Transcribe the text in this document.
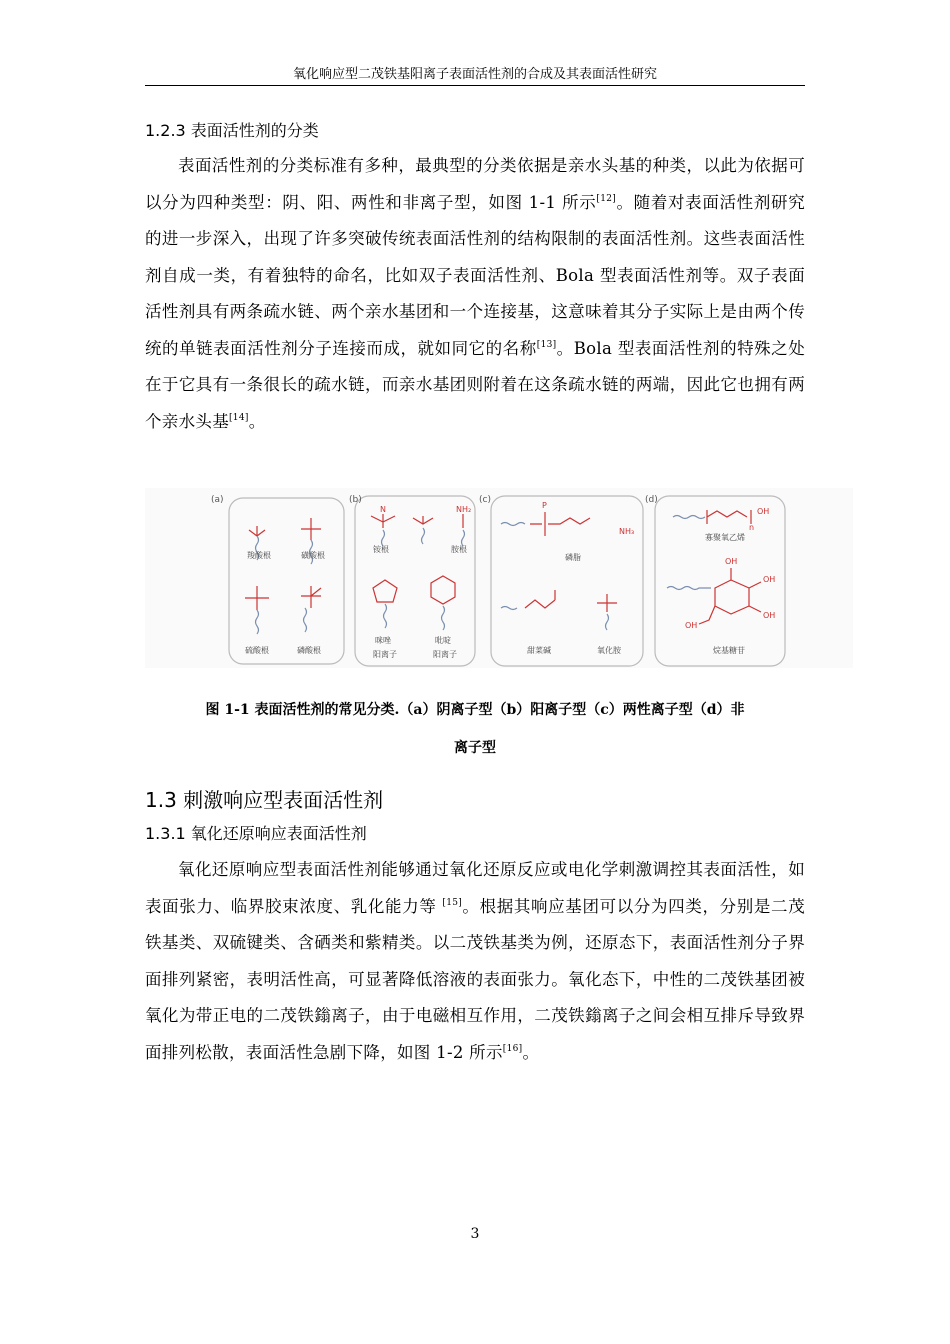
氧化响应型二茂铁基阳离子表面活性剂的合成及其表面活性研究
1.2.3 表面活性剂的分类
表面活性剂的分类标准有多种，最典型的分类依据是亲水头基的种类，以此为依据可以分为四种类型：阴、阳、两性和非离子型，如图 1-1 所示[12]。随着对表面活性剂研究的进一步深入，出现了许多突破传统表面活性剂的结构限制的表面活性剂。这些表面活性剂自成一类，有着独特的命名，比如双子表面活性剂、Bola 型表面活性剂等。双子表面活性剂具有两条疏水链、两个亲水基团和一个连接基，这意味着其分子实际上是由两个传统的单链表面活性剂分子连接而成，就如同它的名称[13]。Bola 型表面活性剂的特殊之处在于它具有一条很长的疏水链，而亲水基团则附着在这条疏水链的两端，因此它也拥有两个亲水头基[14]。
(a)	(b)	(c)	(d)
羧酸根	磺酸根
硫酸根	磷酸根
N	NH₂
铵根	胺根
咪唑
阳离子
吡啶
阳离子
P
NH₃
磷脂
甜菜碱	氧化胺
OH
n
OH
OH
OH
OH
寡聚氧乙烯
烷基糖苷
图 1-1 表面活性剂的常见分类.（a）阴离子型（b）阳离子型（c）两性离子型（d）非
离子型
1.3 刺激响应型表面活性剂
1.3.1 氧化还原响应表面活性剂
氧化还原响应型表面活性剂能够通过氧化还原反应或电化学刺激调控其表面活性，如表面张力、临界胶束浓度、乳化能力等 [15]。根据其响应基团可以分为四类，分别是二茂铁基类、双硫键类、含硒类和紫精类。以二茂铁基类为例，还原态下，表面活性剂分子界面排列紧密，表明活性高，可显著降低溶液的表面张力。氧化态下，中性的二茂铁基团被氧化为带正电的二茂铁鎓离子，由于电磁相互作用，二茂铁鎓离子之间会相互排斥导致界面排列松散，表面活性急剧下降，如图 1-2 所示[16]。
3
